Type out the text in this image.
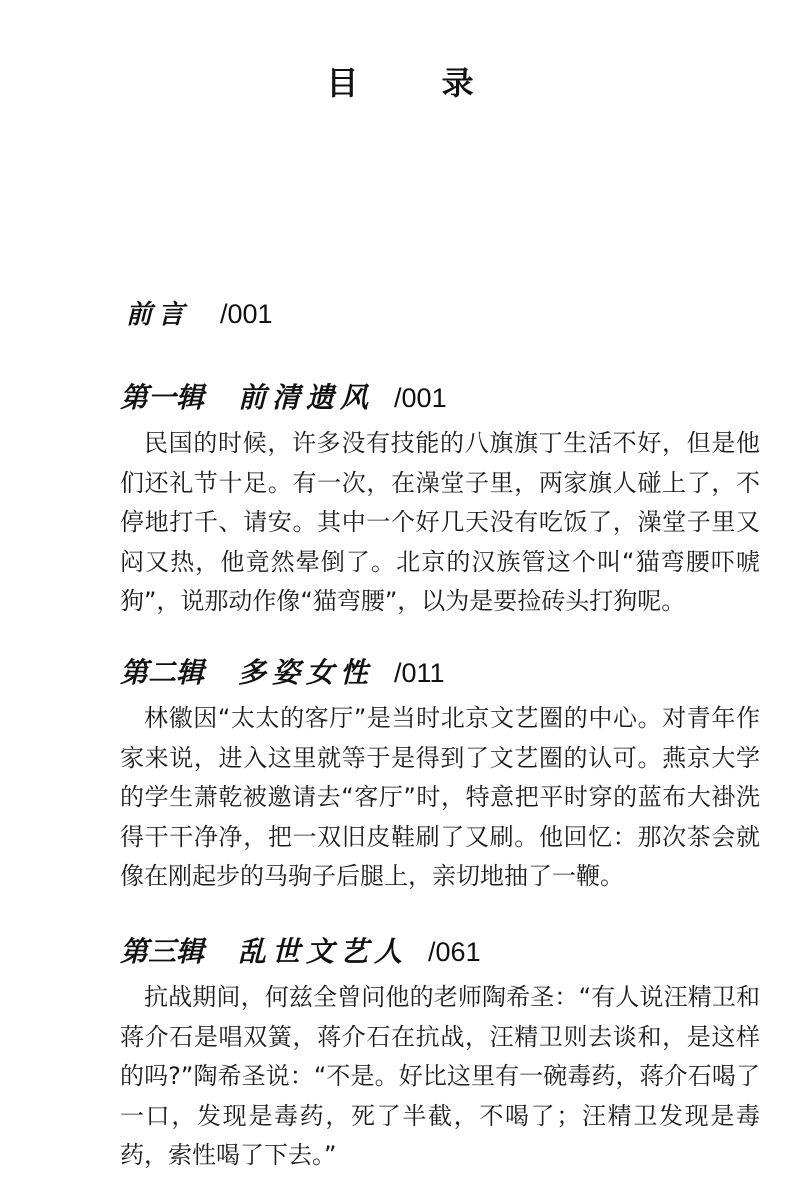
目 录
前言 /001
第一辑 前清遗风 /001
民国的时候，许多没有技能的八旗旗丁生活不好，但是他们还礼节十足。有一次，在澡堂子里，两家旗人碰上了，不停地打千、请安。其中一个好几天没有吃饭了，澡堂子里又闷又热，他竟然晕倒了。北京的汉族管这个叫“猫弯腰吓唬狗”，说那动作像“猫弯腰”，以为是要捡砖头打狗呢。
第二辑 多姿女性 /011
林徽因“太太的客厅”是当时北京文艺圈的中心。对青年作家来说，进入这里就等于是得到了文艺圈的认可。燕京大学的学生萧乾被邀请去“客厅”时，特意把平时穿的蓝布大褂洗得干干净净，把一双旧皮鞋刷了又刷。他回忆：那次茶会就像在刚起步的马驹子后腿上，亲切地抽了一鞭。
第三辑 乱世文艺人 /061
抗战期间，何兹全曾问他的老师陶希圣：“有人说汪精卫和蒋介石是唱双簧，蒋介石在抗战，汪精卫则去谈和，是这样的吗?”陶希圣说：“不是。好比这里有一碗毒药，蒋介石喝了一口，发现是毒药，死了半截，不喝了；汪精卫发现是毒药，索性喝了下去。”
